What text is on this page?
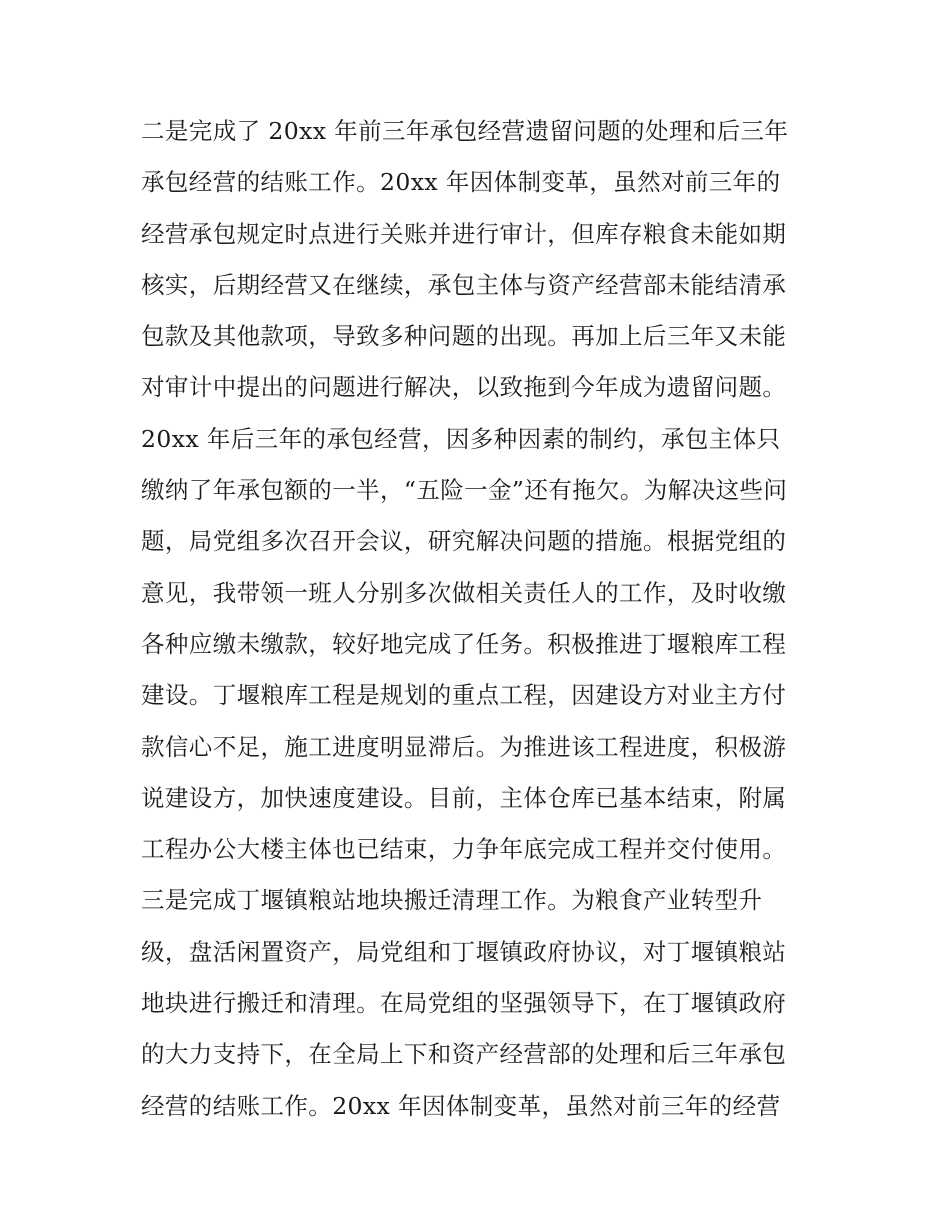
二是完成了 20xx 年前三年承包经营遗留问题的处理和后三年
承包经营的结账工作。20xx 年因体制变革，虽然对前三年的
经营承包规定时点进行关账并进行审计，但库存粮食未能如期
核实，后期经营又在继续，承包主体与资产经营部未能结清承
包款及其他款项，导致多种问题的出现。再加上后三年又未能
对审计中提出的问题进行解决，以致拖到今年成为遗留问题。
20xx 年后三年的承包经营，因多种因素的制约，承包主体只
缴纳了年承包额的一半，“五险一金”还有拖欠。为解决这些问
题，局党组多次召开会议，研究解决问题的措施。根据党组的
意见，我带领一班人分别多次做相关责任人的工作，及时收缴
各种应缴未缴款，较好地完成了任务。积极推进丁堰粮库工程
建设。丁堰粮库工程是规划的重点工程，因建设方对业主方付
款信心不足，施工进度明显滞后。为推进该工程进度，积极游
说建设方，加快速度建设。目前，主体仓库已基本结束，附属
工程办公大楼主体也已结束，力争年底完成工程并交付使用。
三是完成丁堰镇粮站地块搬迁清理工作。为粮食产业转型升
级，盘活闲置资产，局党组和丁堰镇政府协议，对丁堰镇粮站
地块进行搬迁和清理。在局党组的坚强领导下，在丁堰镇政府
的大力支持下，在全局上下和资产经营部的处理和后三年承包
经营的结账工作。20xx 年因体制变革，虽然对前三年的经营
